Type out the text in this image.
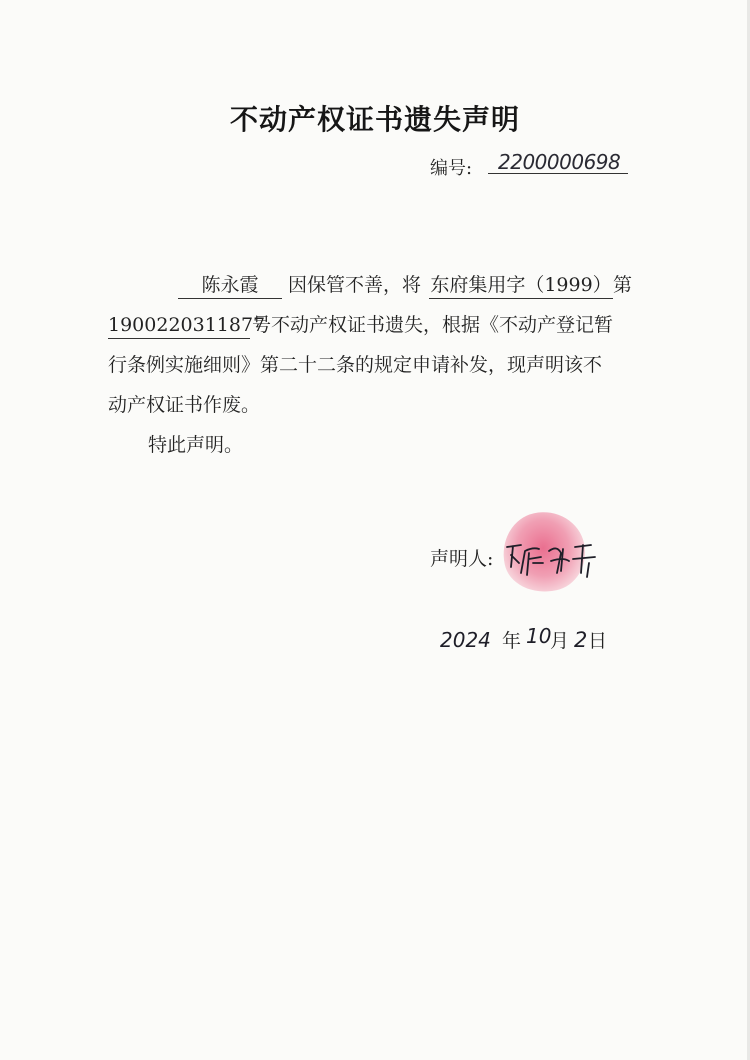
不动产权证书遗失声明
编号:	2200000698
陈永霞 因保管不善，将 东府集用字（1999）第
1900220311877号不动产权证书遗失，根据《不动产登记暂
行条例实施细则》第二十二条的规定申请补发，现声明该不
动产权证书作废。
特此声明。
声明人:
2024 年 10
月 2 日
